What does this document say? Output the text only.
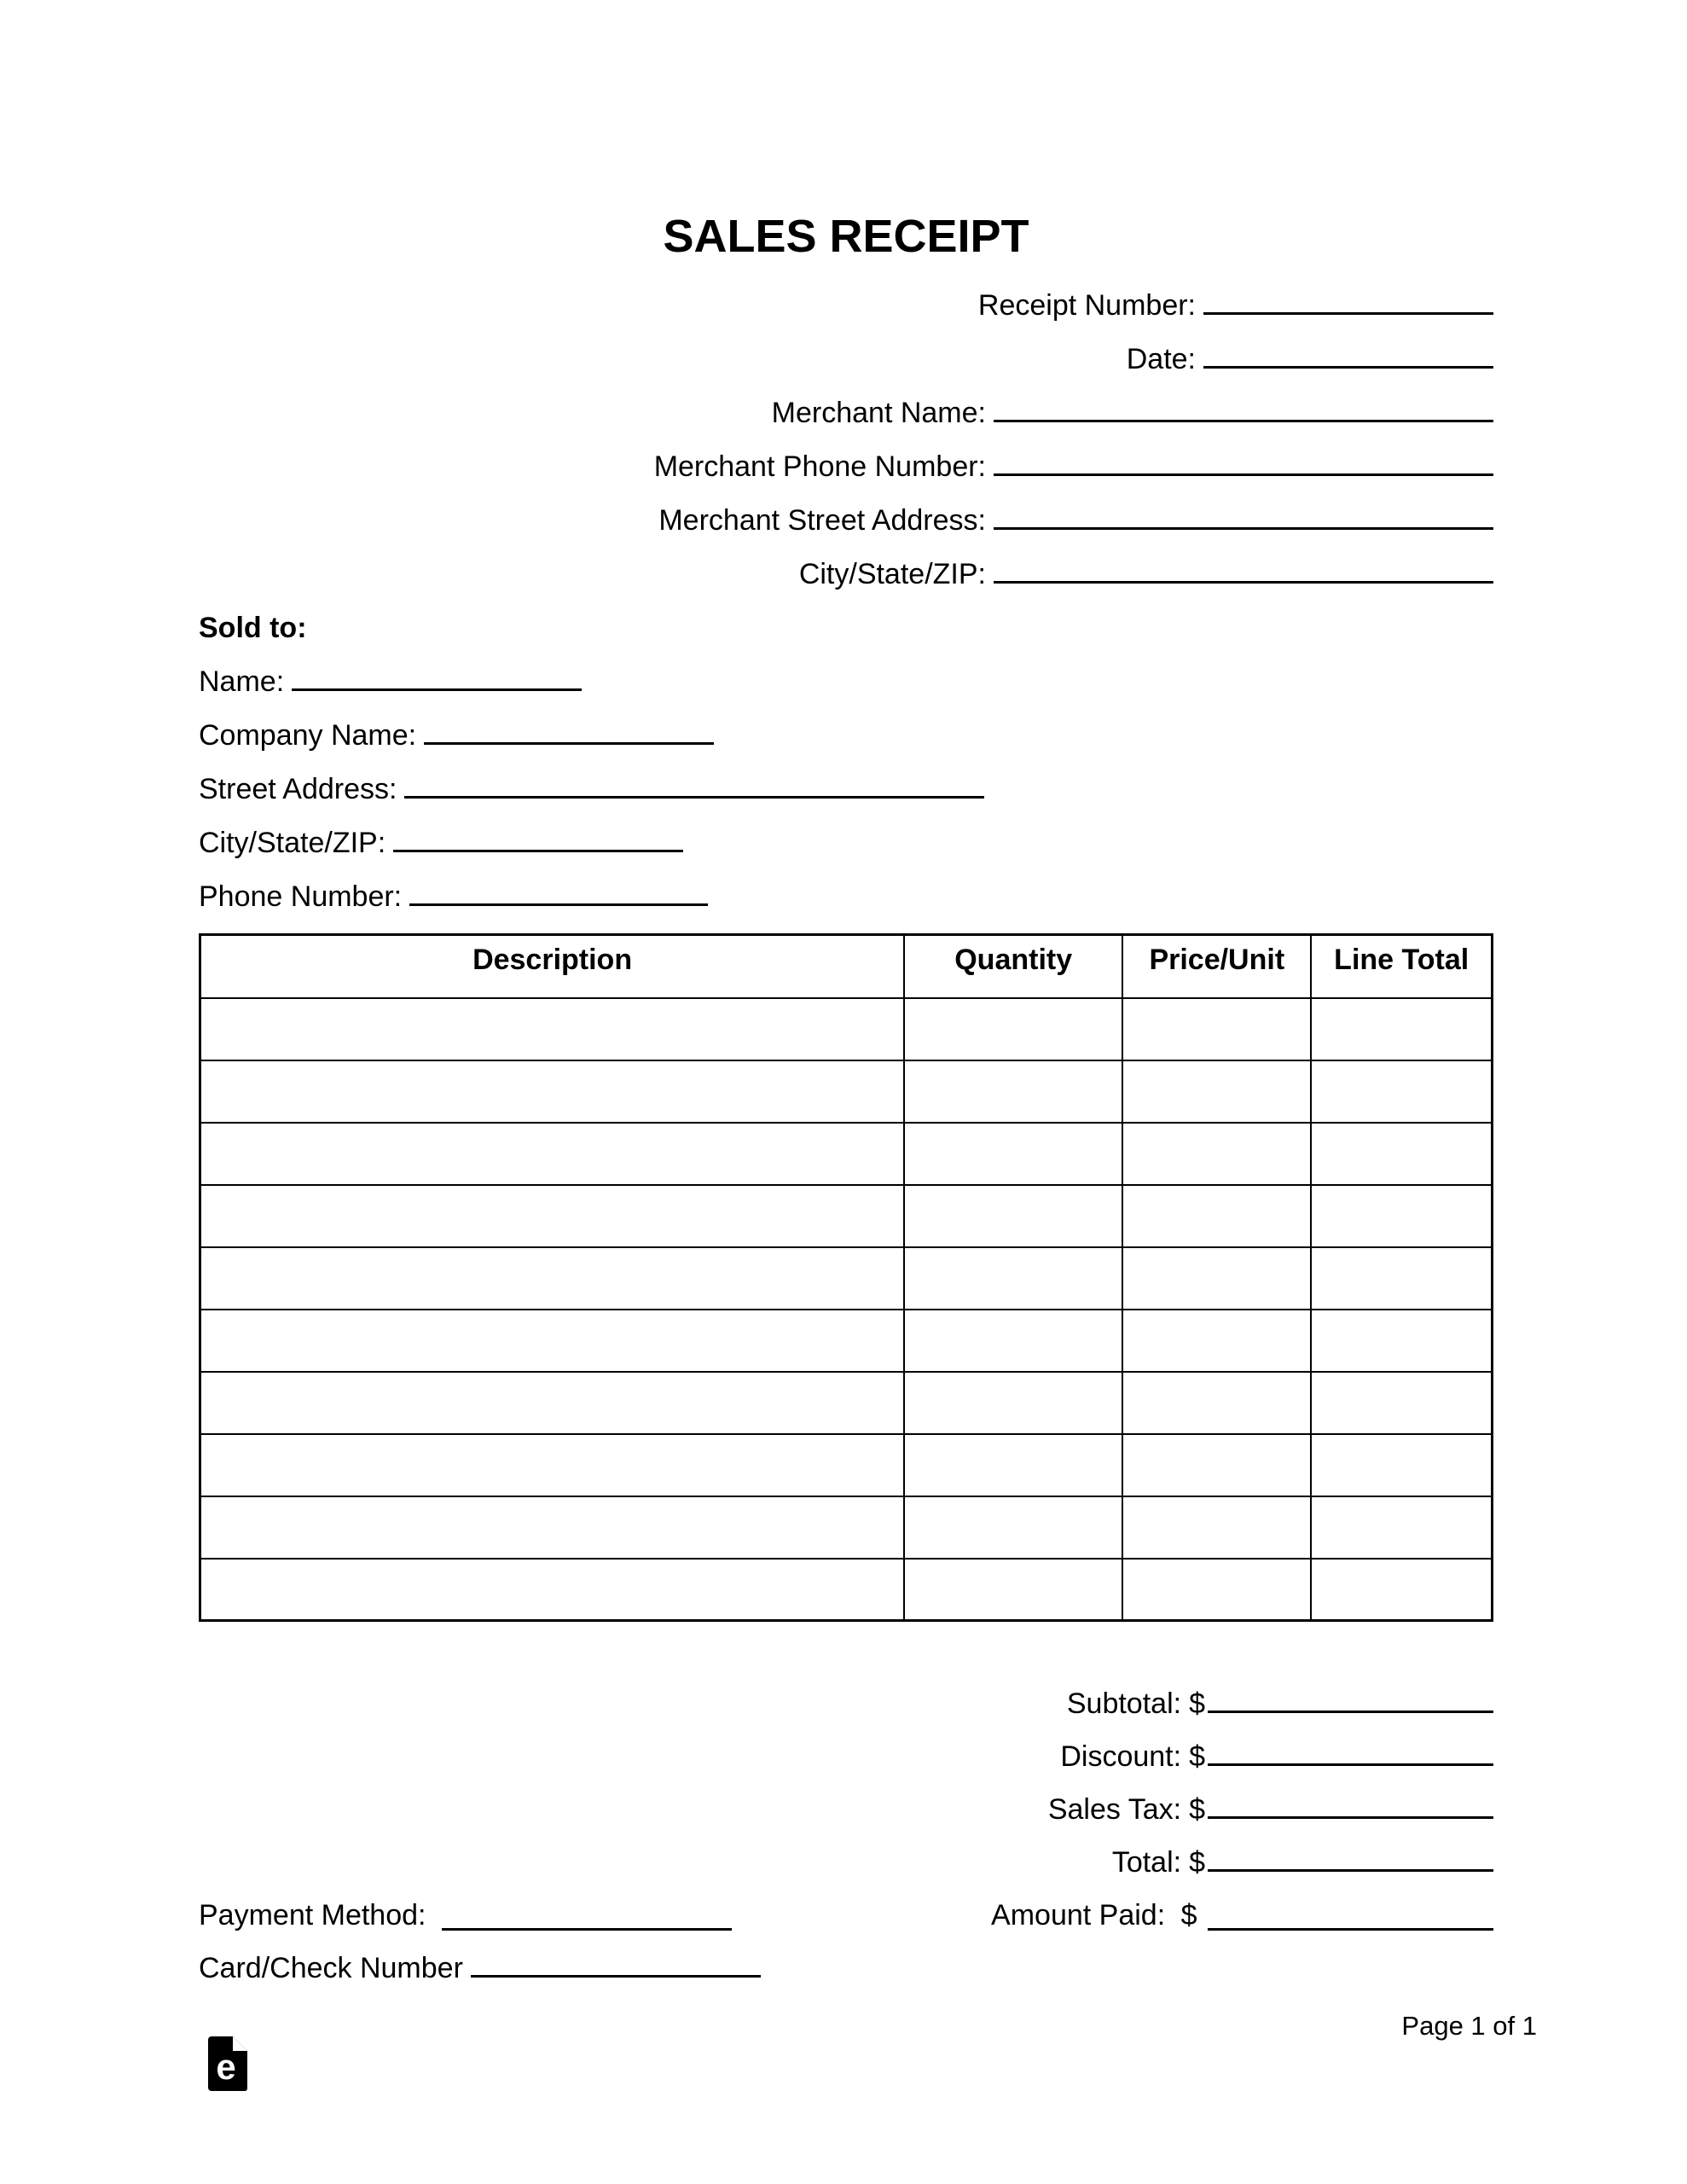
SALES RECEIPT
Receipt Number:
Date:
Merchant Name:
Merchant Phone Number:
Merchant Street Address:
City/State/ZIP:
Sold to:
Name:
Company Name:
Street Address:
City/State/ZIP:
Phone Number:
Description	Quantity	Price/Unit	Line Total

Subtotal: $
Discount: $
Sales Tax: $
Total: $
Payment Method:	Amount Paid: $
Card/Check Number
e
Page 1 of 1
